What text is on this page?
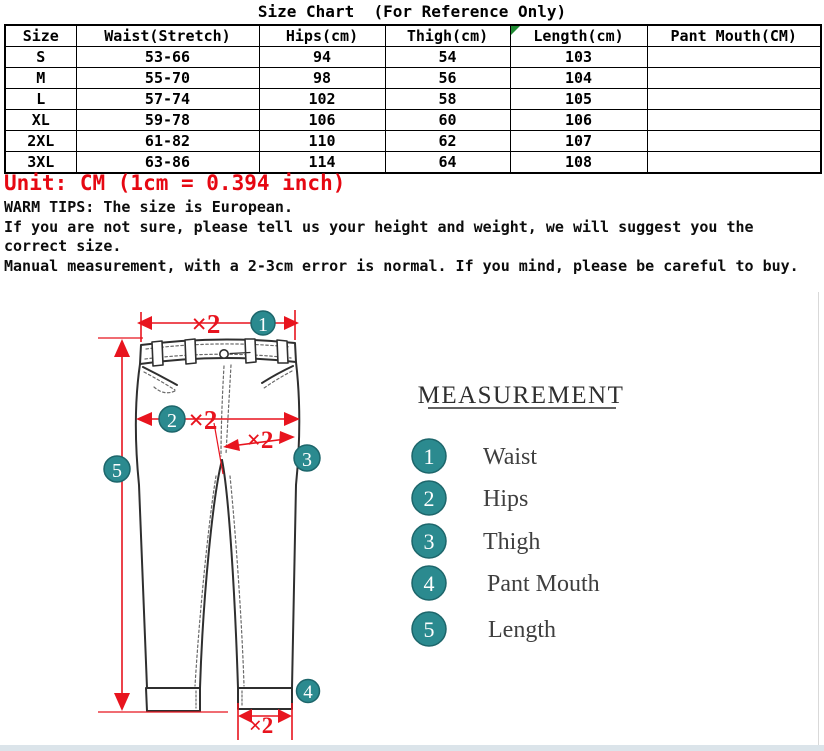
Size Chart  (For Reference Only)
Size	Waist(Stretch)	Hips(cm)	Thigh(cm)	Length(cm)	Pant Mouth(CM)
S	53-66	94	54	103	
M	55-70	98	56	104	
L	57-74	102	58	105	
XL	59-78	106	60	106	
2XL	61-82	110	62	107	
3XL	63-86	114	64	108	
Unit: CM (1cm = 0.394 inch)

WARM TIPS: The size is European.

If you are not sure, please tell us your height and weight, we will suggest you the correct size.

Manual measurement, with a 2-3cm error is normal. If you mind, please be careful to buy.

×2
×2
×2
×2
1
2
3
4
5
MEASUREMENT
1 Waist
2 Hips
3 Thigh
4 Pant Mouth
5 Length
